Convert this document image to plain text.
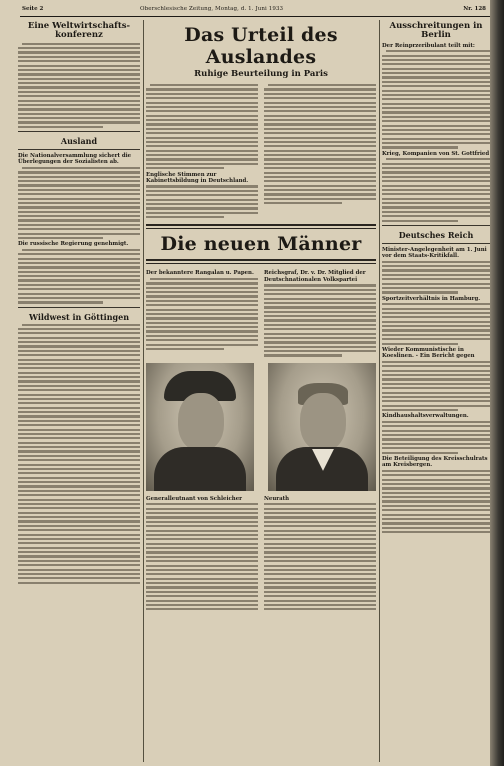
Seite 2	Oberschlesische Zeitung, Montag, d. 1. Juni 1933	Nr. 128
Eine Weltwirtschafts-konferenz
Ausland
Die Nationalversammlung sichert die Überlegungen der Sozialisten ab.
Die russische Regierung genehmigt.
Wildwest in Göttingen
Das Urteil des Auslandes
Ruhige Beurteilung in Paris
Englische Stimmen zur Kabinettsbildung in Deutschland.
Die neuen Männer
Der bekanntere Rangalan u. Papen.	Reichsgraf, Dr. v. Dr. Mitglied der Deutschnationalen Volkspartei
Generalleutnant von Schleicher	Neurath
Ausschreitungen in Berlin
Der Reinprzeribulant teilt mit:
Krieg, Kompanien von St. Gottfried
Deutsches Reich
Minister-Angelegenheit am 1. Juni vor dem Staats-Kritikfall.
Sportzeitverhältnis in Hamburg.
Wieder Kommunistische in Koeslinen. - Ein Bericht gegen
Kindhaushaltsverwaltungen.
Die Beteiligung des Kreisschulrats am Kreisbergen.
